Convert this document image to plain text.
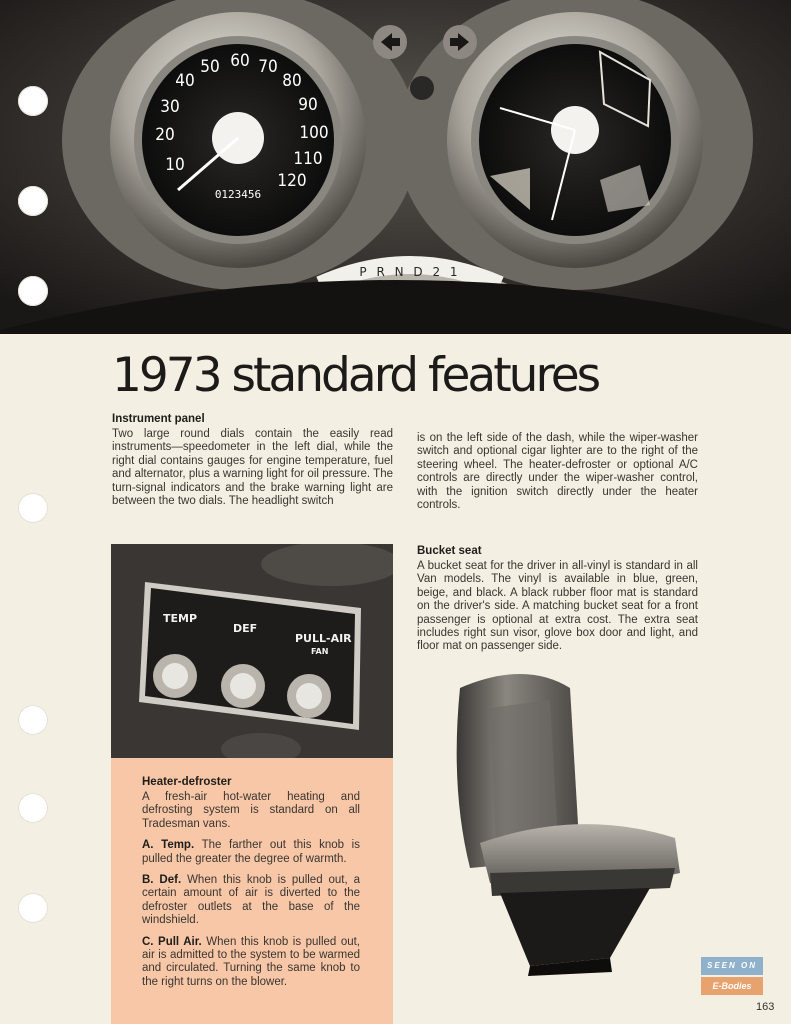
10
20
30
40
50 60 70
80
90
100
110
120
0123456
P R N D 2 1
1973 standard features

Instrument panel

Two large round dials contain the easily read instruments—speedometer in the left dial, while the right dial contains gauges for engine temperature, fuel and alternator, plus a warning light for oil pressure. The turn-signal indicators and the brake warning light are between the two dials. The headlight switch

is on the left side of the dash, while the wiper-washer switch and optional cigar lighter are to the right of the steering wheel. The heater-defroster or optional A/C controls are directly under the wiper-washer control, with the ignition switch directly under the heater controls.

Bucket seat

A bucket seat for the driver in all-vinyl is standard in all Van models. The vinyl is available in blue, green, beige, and black. A black rubber floor mat is standard on the driver's side. A matching bucket seat for a front passenger is optional at extra cost. The extra seat includes right sun visor, glove box door and light, and floor mat on passenger side.

TEMP
DEF
PULL-AIR
FAN

Heater-defroster

A fresh-air hot-water heating and defrosting system is standard on all Tradesman vans.

A. Temp. The farther out this knob is pulled the greater the degree of warmth.

B. Def. When this knob is pulled out, a certain amount of air is diverted to the defroster outlets at the base of the windshield.

C. Pull Air. When this knob is pulled out, air is admitted to the system to be warmed and circulated. Turning the same knob to the right turns on the blower.

SEEN ON
E-Bodies
163
